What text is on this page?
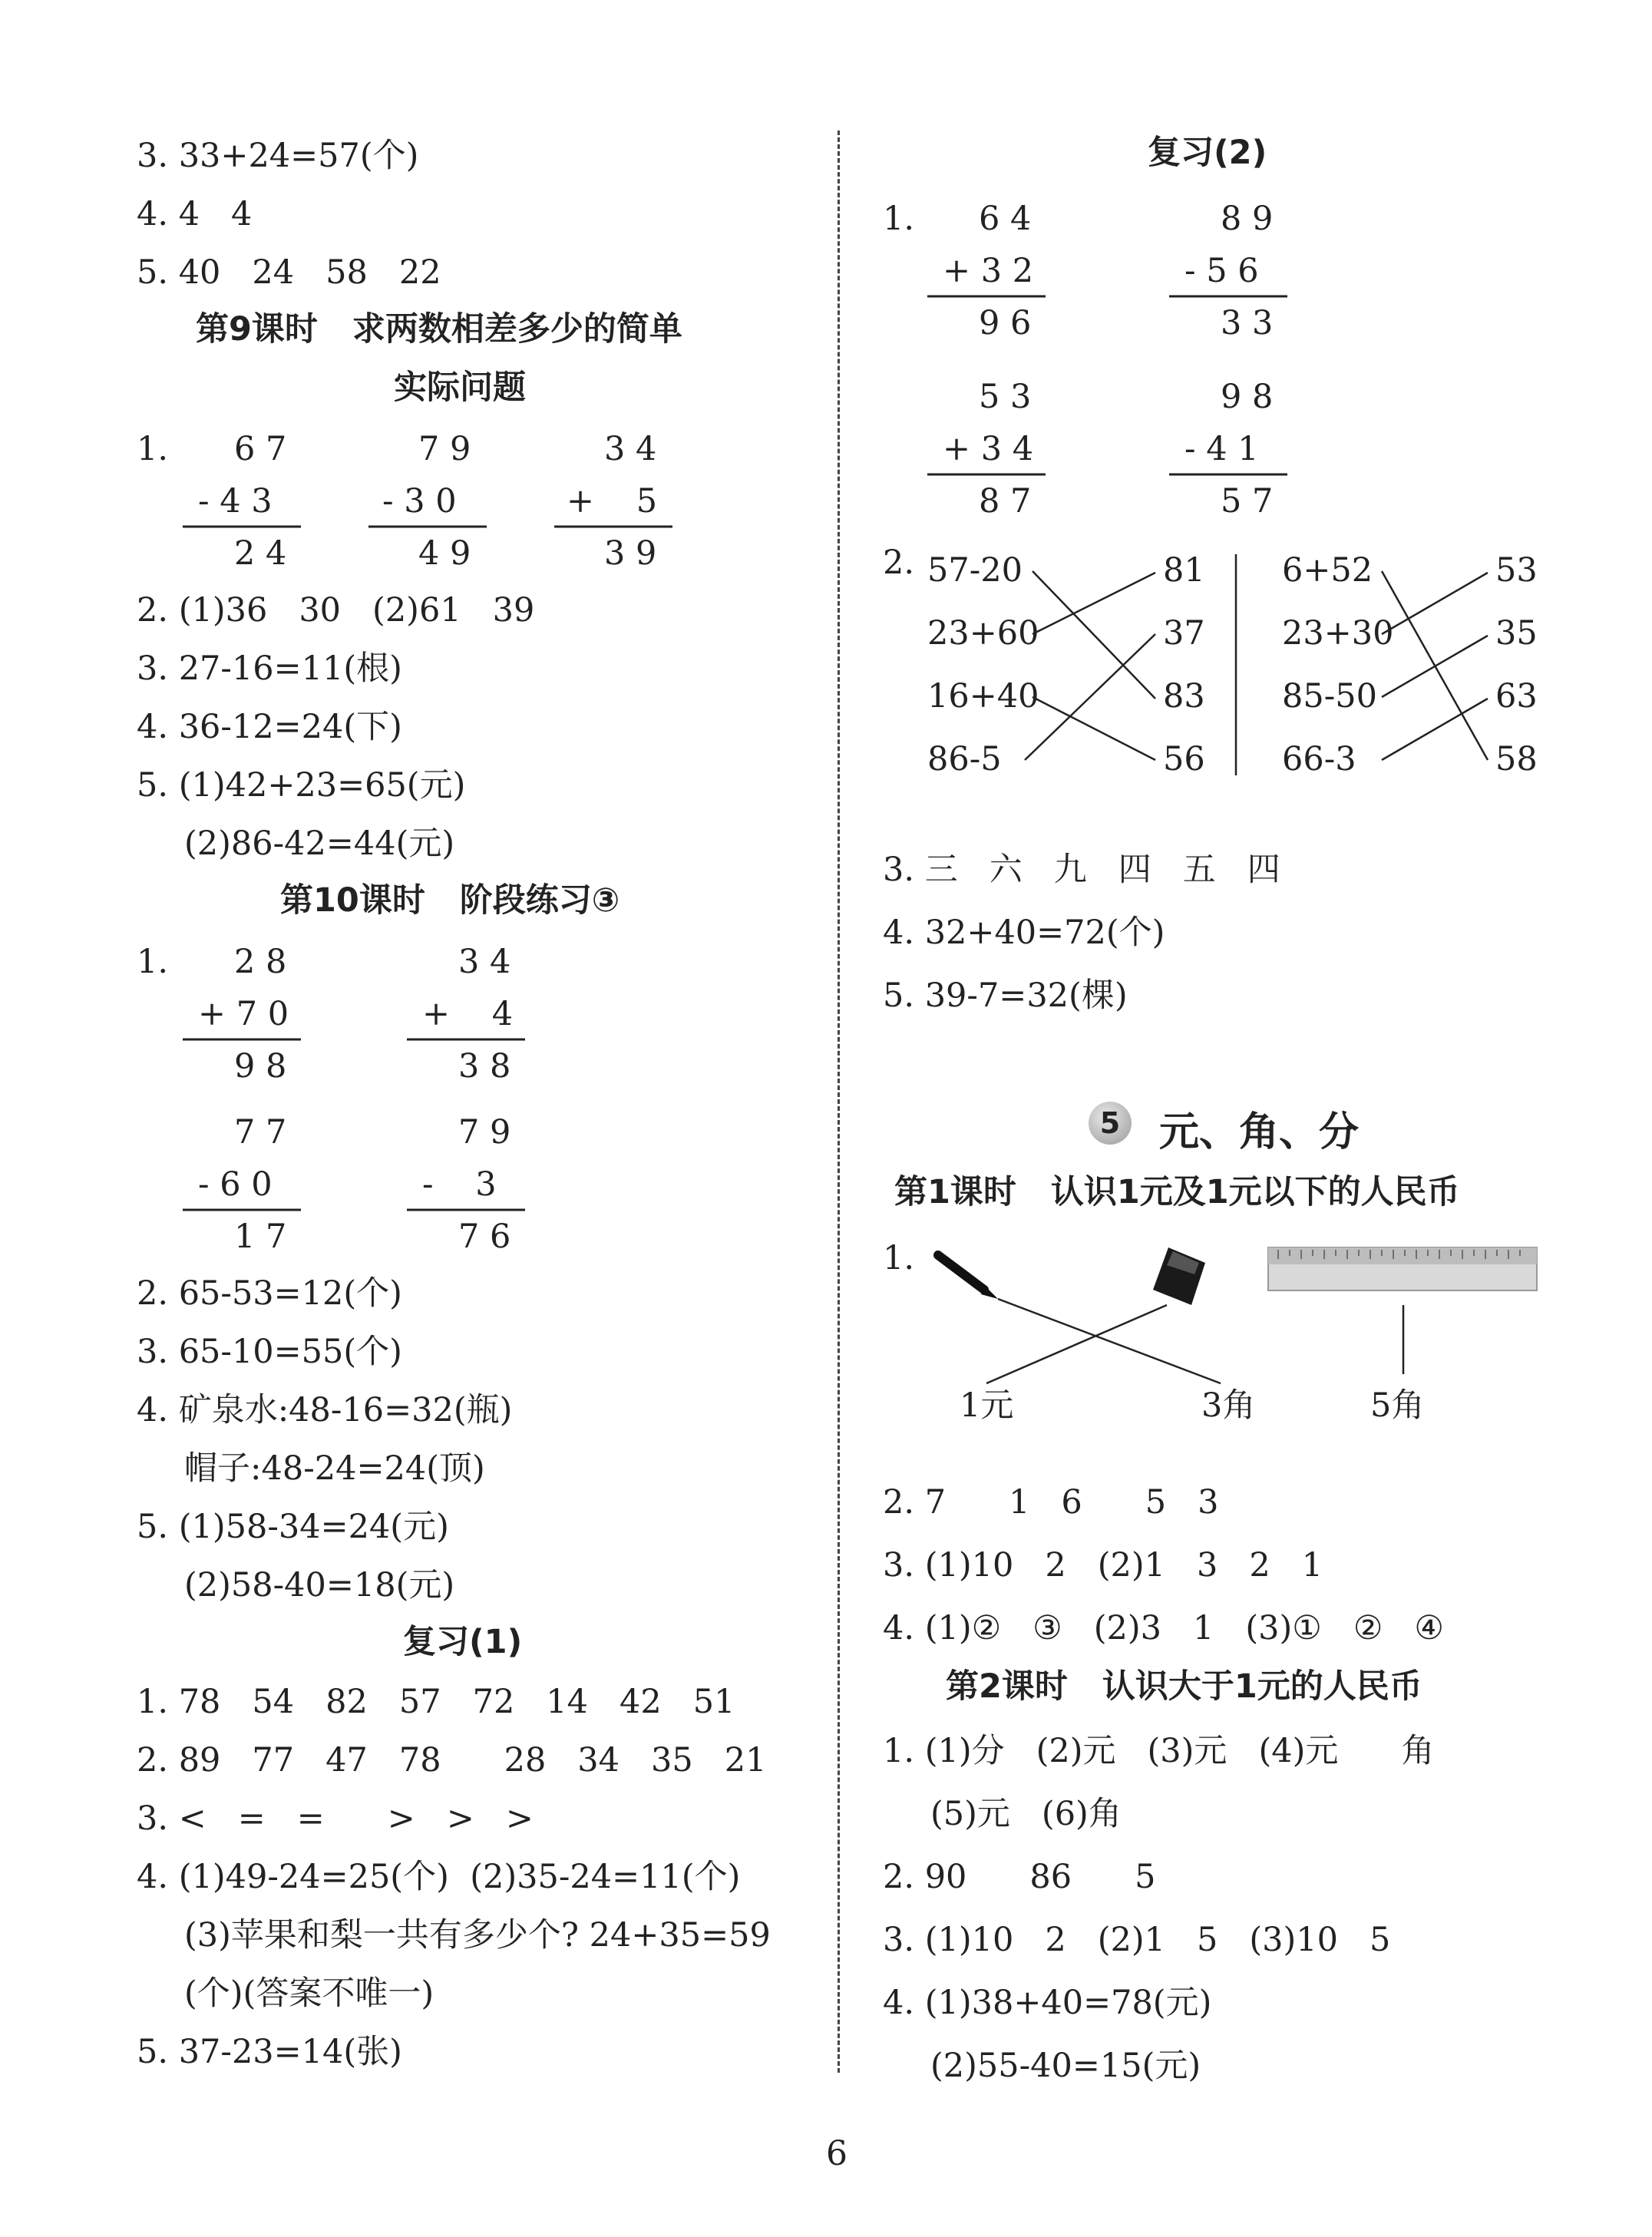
3. 33+24=57(个)
4. 4   4
5. 40   24   58   22
第9课时   求两数相差多少的简单
实际问题
1. 6 7
- 4 3
2 4
7 9
- 3 0
4 9
3 4
+    5
3 9
2. (1)36   30   (2)61   39
3. 27-16=11(根)
4. 36-12=24(下)
5. (1)42+23=65(元)
(2)86-42=44(元)
第10课时   阶段练习③
1. 2 8
+ 7 0
9 8
3 4
+    4
3 8
7 7
- 6 0
1 7
7 9
-    3
7 6
2. 65-53=12(个)
3. 65-10=55(个)
4. 矿泉水:48-16=32(瓶)
帽子:48-24=24(顶)
5. (1)58-34=24(元)
(2)58-40=18(元)
复习(1)
1. 78   54   82   57   72   14   42   51
2. 89   77   47   78      28   34   35   21
3. <   =   =      >   >   >
4. (1)49-24=25(个)  (2)35-24=11(个)
(3)苹果和梨一共有多少个? 24+35=59
(个)(答案不唯一)
5. 37-23=14(张)
复习(2)
1. 6 4
+ 3 2
9 6
8 9
- 5 6
3 3
5 3
+ 3 4
8 7
9 8
- 4 1
5 7
2. 57-20
23+60
16+40
86-5
81
37
83
56
6+52
23+30
85-50
66-3
53
35
63
58
3. 三   六   九   四   五   四
4. 32+40=72(个)
5. 39-7=32(棵)
5 元、角、分
第1课时   认识1元及1元以下的人民币
1.
1元	3角	5角
2. 7      1   6      5   3
3. (1)10   2   (2)1   3   2   1
4. (1)②   ③   (2)3   1   (3)①   ②   ④
第2课时   认识大于1元的人民币
1. (1)分   (2)元   (3)元   (4)元      角
(5)元   (6)角
2. 90      86      5
3. (1)10   2   (2)1   5   (3)10   5
4. (1)38+40=78(元)
(2)55-40=15(元)
6
